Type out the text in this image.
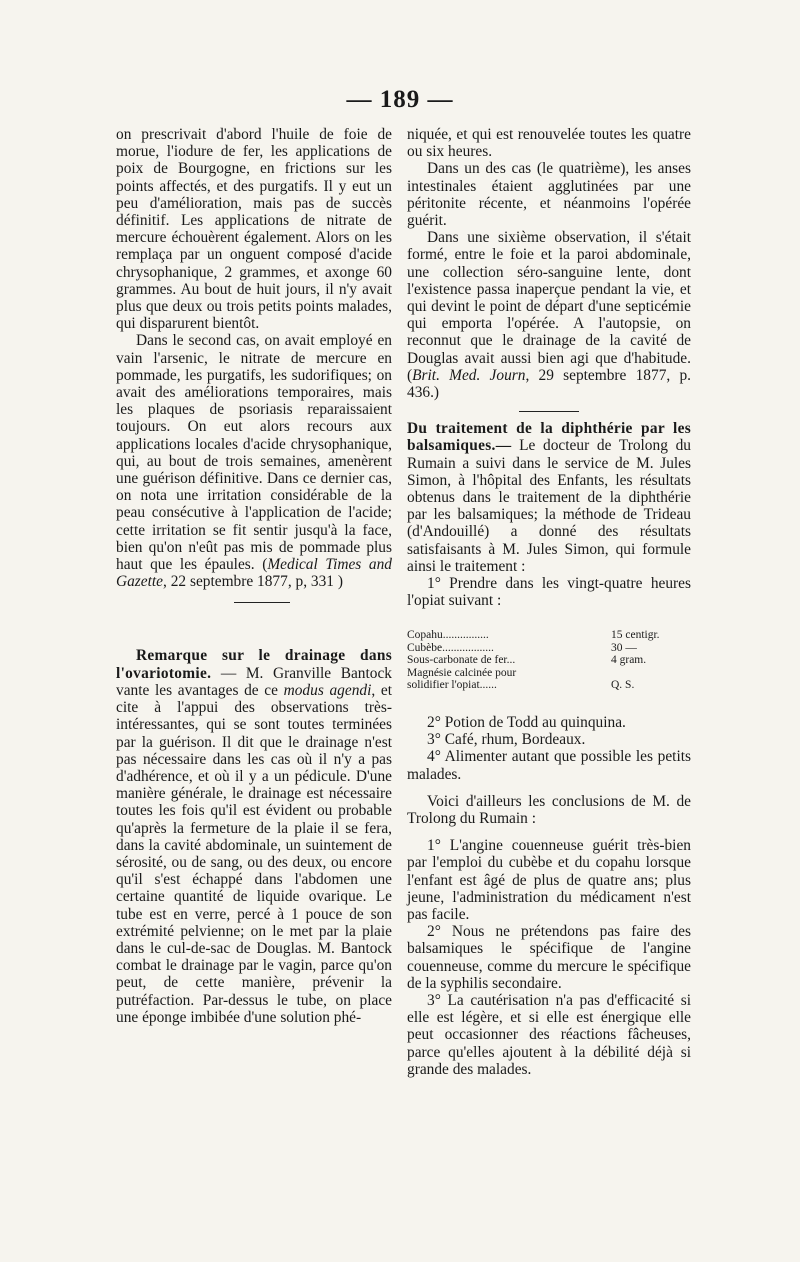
— 189 —

on prescrivait d'abord l'huile de foie de morue, l'iodure de fer, les applications de poix de Bourgogne, en frictions sur les points affectés, et des purgatifs. Il y eut un peu d'amélioration, mais pas de succès définitif. Les applications de nitrate de mercure échouèrent également. Alors on les remplaça par un onguent composé d'acide chrysophanique, 2 grammes, et axonge 60 grammes. Au bout de huit jours, il n'y avait plus que deux ou trois petits points malades, qui disparurent bientôt.

Dans le second cas, on avait employé en vain l'arsenic, le nitrate de mercure en pommade, les purgatifs, les sudorifiques; on avait des améliorations temporaires, mais les plaques de psoriasis reparaissaient toujours. On eut alors recours aux applications locales d'acide chrysophanique, qui, au bout de trois semaines, amenèrent une guérison définitive. Dans ce dernier cas, on nota une irritation considérable de la peau consécutive à l'application de l'acide; cette irritation se fit sentir jusqu'à la face, bien qu'on n'eût pas mis de pommade plus haut que les épaules. (Medical Times and Gazette, 22 septembre 1877, p, 331 )

Remarque sur le drainage dans l'ovariotomie. — M. Granville Bantock vante les avantages de ce modus agendi, et cite à l'appui des observations très-intéressantes, qui se sont toutes terminées par la guérison. Il dit que le drainage n'est pas nécessaire dans les cas où il n'y a pas d'adhérence, et où il y a un pédicule. D'une manière générale, le drainage est nécessaire toutes les fois qu'il est évident ou probable qu'après la fermeture de la plaie il se fera, dans la cavité abdominale, un suintement de sérosité, ou de sang, ou des deux, ou encore qu'il s'est échappé dans l'abdomen une certaine quantité de liquide ovarique. Le tube est en verre, percé à 1 pouce de son extrémité pelvienne; on le met par la plaie dans le cul-de-sac de Douglas. M. Bantock combat le drainage par le vagin, parce qu'on peut, de cette manière, prévenir la putréfaction. Par-dessus le tube, on place une éponge imbibée d'une solution phé-

niquée, et qui est renouvelée toutes les quatre ou six heures.

Dans un des cas (le quatrième), les anses intestinales étaient agglutinées par une péritonite récente, et néanmoins l'opérée guérit.

Dans une sixième observation, il s'était formé, entre le foie et la paroi abdominale, une collection séro-sanguine lente, dont l'existence passa inaperçue pendant la vie, et qui devint le point de départ d'une septicémie qui emporta l'opérée. A l'autopsie, on reconnut que le drainage de la cavité de Douglas avait aussi bien agi que d'habitude. (Brit. Med. Journ, 29 septembre 1877, p. 436.)

Du traitement de la diphthérie par les balsamiques.— Le docteur de Trolong du Rumain a suivi dans le service de M. Jules Simon, à l'hôpital des Enfants, les résultats obtenus dans le traitement de la diphthérie par les balsamiques; la méthode de Trideau (d'Andouillé) a donné des résultats satisfaisants à M. Jules Simon, qui formule ainsi le traitement :

1° Prendre dans les vingt-quatre heures l'opiat suivant :

Copahu................	15 centigr.
Cubèbe..................	30 —
Sous-carbonate de fer...	4 gram.
Magnésie calcinée pour	
solidifier l'opiat......	Q. S.

2° Potion de Todd au quinquina.

3° Café, rhum, Bordeaux.

4° Alimenter autant que possible les petits malades.

Voici d'ailleurs les conclusions de M. de Trolong du Rumain :

1° L'angine couenneuse guérit très-bien par l'emploi du cubèbe et du copahu lorsque l'enfant est âgé de plus de quatre ans; plus jeune, l'administration du médicament n'est pas facile.

2° Nous ne prétendons pas faire des balsamiques le spécifique de l'angine couenneuse, comme du mercure le spécifique de la syphilis secondaire.

3° La cautérisation n'a pas d'efficacité si elle est légère, et si elle est énergique elle peut occasionner des réactions fâcheuses, parce qu'elles ajoutent à la débilité déjà si grande des malades.
